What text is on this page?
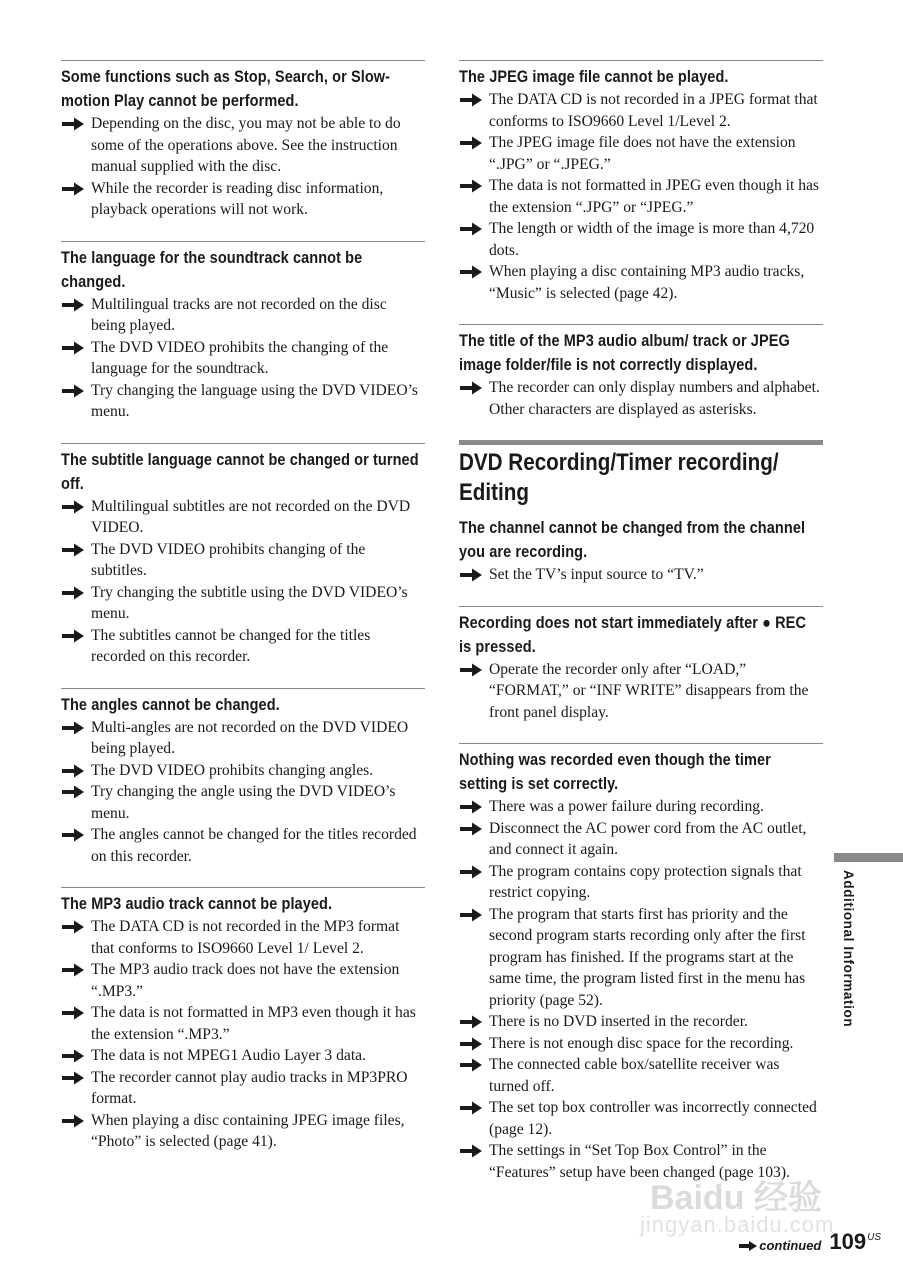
Some functions such as Stop, Search, or Slow-motion Play cannot be performed.
Depending on the disc, you may not be able to do some of the operations above. See the instruction manual supplied with the disc.
While the recorder is reading disc information, playback operations will not work.
The language for the soundtrack cannot be changed.
Multilingual tracks are not recorded on the disc being played.
The DVD VIDEO prohibits the changing of the language for the soundtrack.
Try changing the language using the DVD VIDEO’s menu.
The subtitle language cannot be changed or turned off.
Multilingual subtitles are not recorded on the DVD VIDEO.
The DVD VIDEO prohibits changing of the subtitles.
Try changing the subtitle using the DVD VIDEO’s menu.
The subtitles cannot be changed for the titles recorded on this recorder.
The angles cannot be changed.
Multi-angles are not recorded on the DVD VIDEO being played.
The DVD VIDEO prohibits changing angles.
Try changing the angle using the DVD VIDEO’s menu.
The angles cannot be changed for the titles recorded on this recorder.
The MP3 audio track cannot be played.
The DATA CD is not recorded in the MP3 format that conforms to ISO9660 Level 1/ Level 2.
The MP3 audio track does not have the extension “.MP3.”
The data is not formatted in MP3 even though it has the extension “.MP3.”
The data is not MPEG1 Audio Layer 3 data.
The recorder cannot play audio tracks in MP3PRO format.
When playing a disc containing JPEG image files, “Photo” is selected (page 41).
The JPEG image file cannot be played.
The DATA CD is not recorded in a JPEG format that conforms to ISO9660 Level 1/Level 2.
The JPEG image file does not have the extension “.JPG” or “.JPEG.”
The data is not formatted in JPEG even though it has the extension “.JPG” or “JPEG.”
The length or width of the image is more than 4,720 dots.
When playing a disc containing MP3 audio tracks, “Music” is selected (page 42).
The title of the MP3 audio album/ track or JPEG image folder/file is not correctly displayed.
The recorder can only display numbers and alphabet. Other characters are displayed as asterisks.
DVD Recording/Timer recording/ Editing
The channel cannot be changed from the channel you are recording.
Set the TV’s input source to “TV.”
Recording does not start immediately after ● REC is pressed.
Operate the recorder only after “LOAD,” “FORMAT,” or “INF WRITE” disappears from the front panel display.
Nothing was recorded even though the timer setting is set correctly.
There was a power failure during recording.
Disconnect the AC power cord from the AC outlet, and connect it again.
The program contains copy protection signals that restrict copying.
The program that starts first has priority and the second program starts recording only after the first program has finished. If the programs start at the same time, the program listed first in the menu has priority (page 52).
There is no DVD inserted in the recorder.
There is not enough disc space for the recording.
The connected cable box/satellite receiver was turned off.
The set top box controller was incorrectly connected (page 12).
The settings in “Set Top Box Control” in the “Features” setup have been changed (page 103).
Additional Information
Baidu 经验
jingyan.baidu.com
continued 109 US
